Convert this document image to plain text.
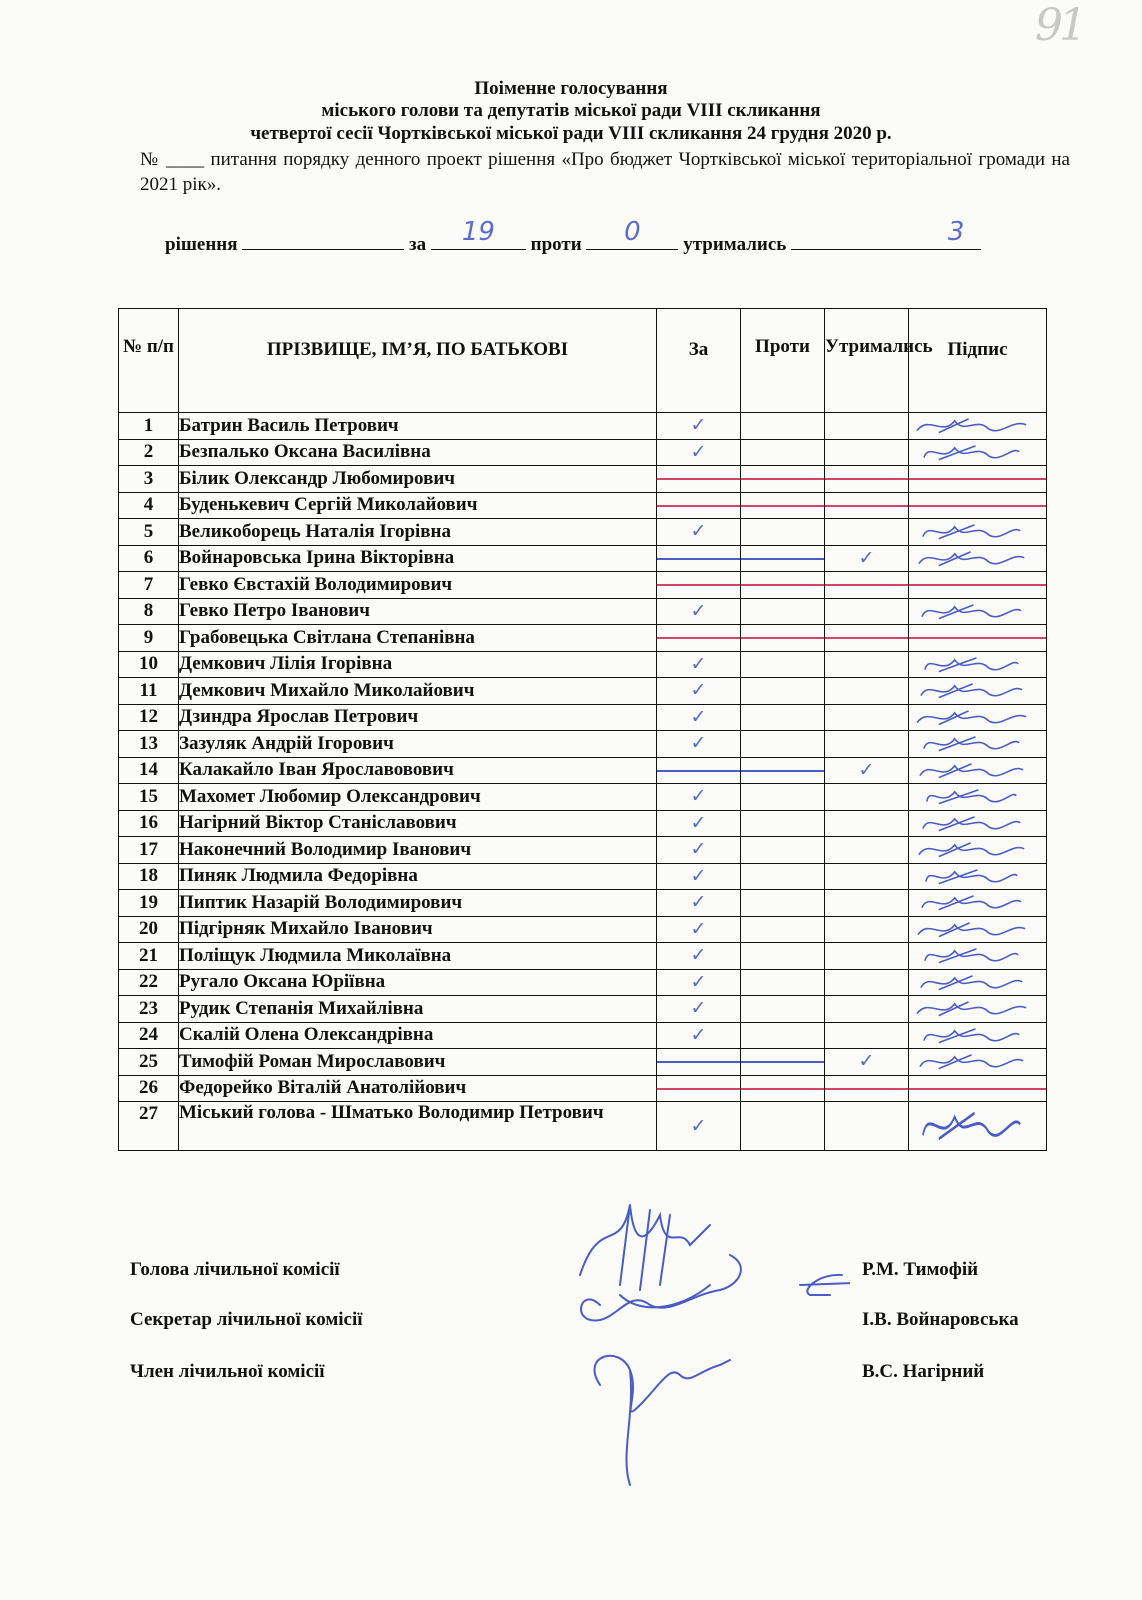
91
Поіменне голосування
міського голови та депутатів міської ради VIII скликання
четвертої сесії Чортківської міської ради VIII скликання 24 грудня 2020 р.
№ ____ питання порядку денного проект рішення «Про бюджет Чортківської міської територіальної громади на 2021 рік».
рішення	за	19	проти	0	утримались	3
№ п/п	ПРІЗВИЩЕ, ІМ’Я, ПО БАТЬКОВІ	За	Проти	Утримались	Підпис
1	Батрин Василь Петрович	✓			

2	Безпалько Оксана Василівна	✓			

3	Білик Олександр Любомирович	

4	Буденькевич Сергій Миколайович	

5	Великоборець Наталія Ігорівна	✓			

6	Войнаровська Ірина Вікторівна			✓	

7	Гевко Євстахій Володимирович	

8	Гевко Петро Іванович	✓			

9	Грабовецька Світлана Степанівна	

10	Демкович Лілія Ігорівна	✓			

11	Демкович Михайло Миколайович	✓			

12	Дзиндра Ярослав Петрович	✓			

13	Зазуляк Андрій Ігорович	✓			

14	Калакайло Іван Ярославовович			✓	

15	Махомет Любомир Олександрович	✓			

16	Нагірний Віктор Станіславович	✓			

17	Наконечний Володимир Іванович	✓			

18	Пиняк Людмила Федорівна	✓			

19	Пиптик Назарій Володимирович	✓			

20	Підгірняк Михайло Іванович	✓			

21	Поліщук Людмила Миколаївна	✓			

22	Ругало Оксана Юріївна	✓			

23	Рудик Степанія Михайлівна	✓			

24	Скалій Олена Олександрівна	✓			

25	Тимофій Роман Мирославович			✓	

26	Федорейко Віталій Анатолійович	

27	Міський голова - Шматько Володимир Петрович	✓			
Голова лічильної комісії	Р.М. Тимофій
Секретар лічильної комісії	І.В. Войнаровська
Член лічильної комісії	В.С. Нагірний
